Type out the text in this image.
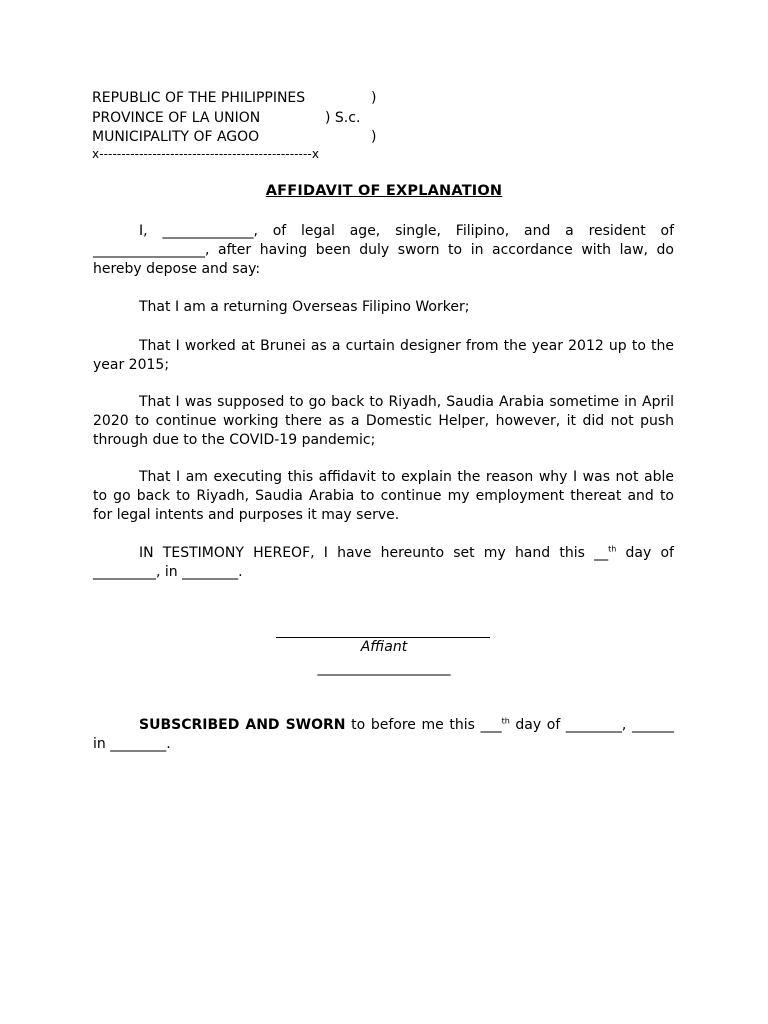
REPUBLIC OF THE PHILIPPINES	)
PROVINCE OF LA UNION	) S.c.
MUNICIPALITY OF AGOO	)
x------------------------------------------------x
AFFIDAVIT OF EXPLANATION

I, _____________, of legal age, single, Filipino, and a resident of ________________, after having been duly sworn to in accordance with law, do hereby depose and say:

That I am a returning Overseas Filipino Worker;

That I worked at Brunei as a curtain designer from the year 2012 up to the year 2015;

That I was supposed to go back to Riyadh, Saudia Arabia sometime in April 2020 to continue working there as a Domestic Helper, however, it did not push through due to the COVID-19 pandemic;

That I am executing this affidavit to explain the reason why I was not able to go back to Riyadh, Saudia Arabia to continue my employment thereat and to for legal intents and purposes it may serve.

IN TESTIMONY HEREOF, I have hereunto set my hand this __$^{th}$ day of _________, in ________.

Affiant
___________________

SUBSCRIBED AND SWORN to before me this ___$^{th}$ day of ________, ______ in ________.
